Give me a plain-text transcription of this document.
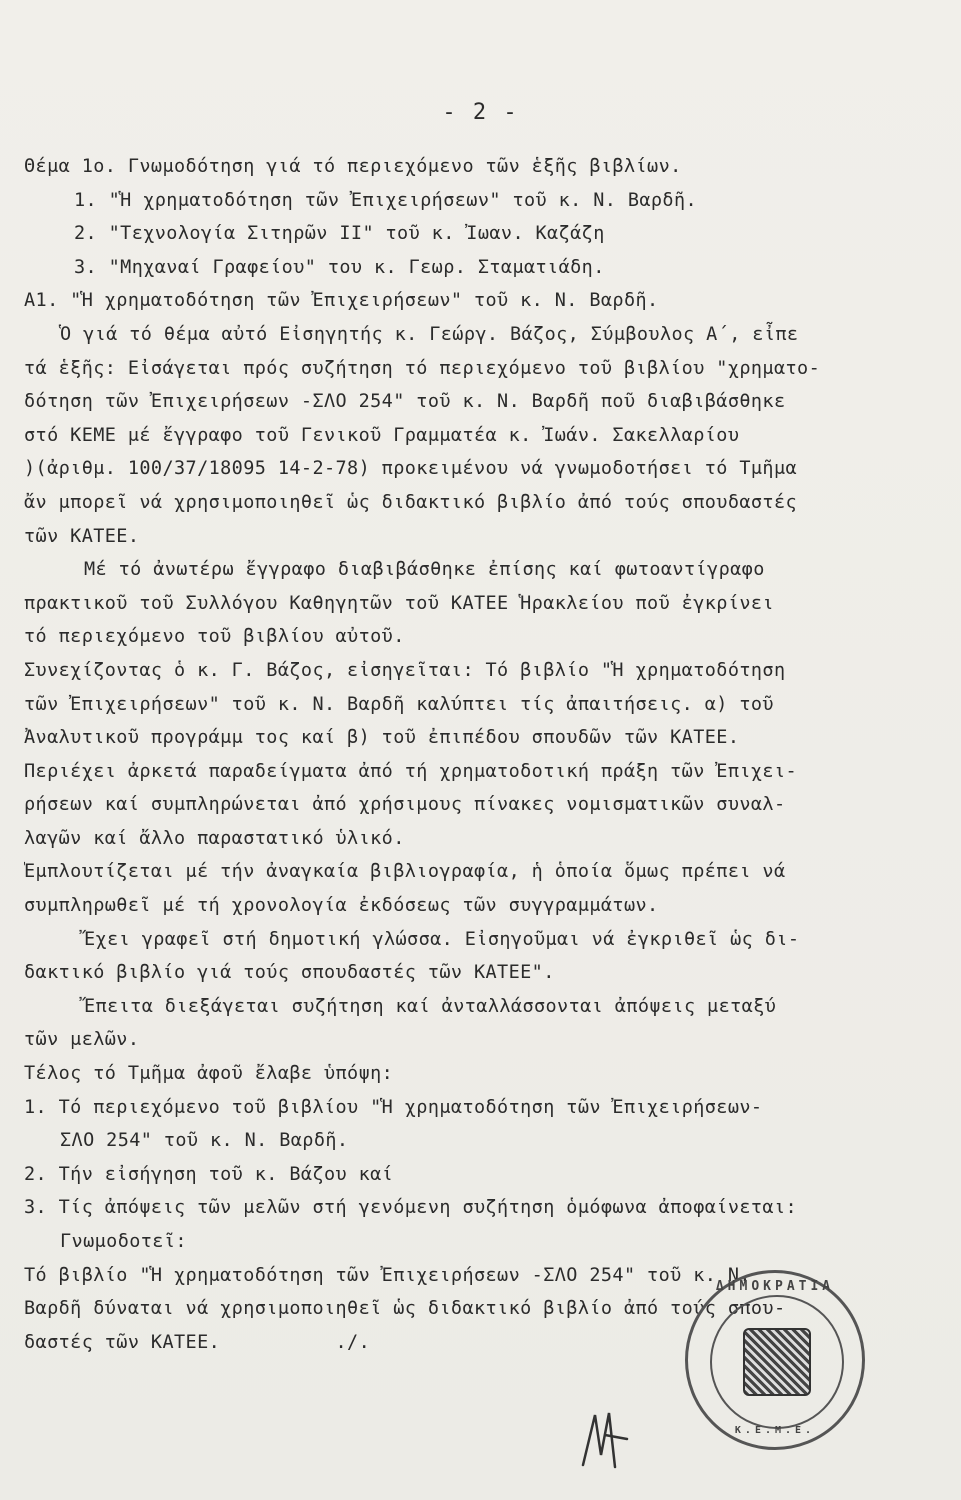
- 2 -
Θέμα 1ο. Γνωμοδότηση γιά τό περιεχόμενο τῶν ἑξῆς βιβλίων.
1. "Ἡ χρηματοδότηση τῶν Ἐπιχειρήσεων" τοῦ κ. Ν. Βαρδῆ.
2. "Τεχνολογία Σιτηρῶν ΙΙ" τοῦ κ. Ἰωαν. Καζάζη
3. "Μηχαναί Γραφείου" του κ. Γεωρ. Σταματιάδη.
Α1. "Ἡ χρηματοδότηση τῶν Ἐπιχειρήσεων" τοῦ κ. Ν. Βαρδῆ.
Ὁ γιά τό θέμα αὐτό Εἰσηγητής κ. Γεώργ. Βάζος, Σύμβουλος Α΄, εἶπε
τά ἑξῆς: Εἰσάγεται πρός συζήτηση τό περιεχόμενο τοῦ βιβλίου "χρηματο-
δότηση τῶν Ἐπιχειρήσεων -ΣΛΟ 254" τοῦ κ. Ν. Βαρδῆ ποῦ διαβιβάσθηκε
στό ΚΕΜΕ μέ ἔγγραφο τοῦ Γενικοῦ Γραμματέα κ. Ἰωάν. Σακελλαρίου
)(ἀριθμ. 100/37/18095 14-2-78) προκειμένου νά γνωμοδοτήσει τό Τμῆμα
ἄν μπορεῖ νά χρησιμοποιηθεῖ ὡς διδακτικό βιβλίο ἀπό τούς σπουδαστές
τῶν ΚΑΤΕΕ.
Μέ τό ἀνωτέρω ἔγγραφο διαβιβάσθηκε ἐπίσης καί φωτοαντίγραφο
πρακτικοῦ τοῦ Συλλόγου Καθηγητῶν τοῦ ΚΑΤΕΕ Ἡρακλείου ποῦ ἐγκρίνει
τό περιεχόμενο τοῦ βιβλίου αὐτοῦ.
Συνεχίζοντας ὁ κ. Γ. Βάζος, εἰσηγεῖται: Τό βιβλίο "Ἡ χρηματοδότηση
τῶν Ἐπιχειρήσεων" τοῦ κ. Ν. Βαρδῆ καλύπτει τίς ἀπαιτήσεις. α) τοῦ
Ἀναλυτικοῦ προγράμμ τος καί β) τοῦ ἐπιπέδου σπουδῶν τῶν ΚΑΤΕΕ.
Περιέχει ἀρκετά παραδείγματα ἀπό τή χρηματοδοτική πράξη τῶν Ἐπιχει-
ρήσεων καί συμπληρώνεται ἀπό χρήσιμους πίνακες νομισματικῶν συναλ-
λαγῶν καί ἄλλο παραστατικό ὑλικό.
Ἐμπλουτίζεται μέ τήν ἀναγκαία βιβλιογραφία, ἡ ὁποία ὅμως πρέπει νά
συμπληρωθεῖ μέ τή χρονολογία ἐκδόσεως τῶν συγγραμμάτων.
Ἔχει γραφεῖ στή δημοτική γλώσσα. Εἰσηγοῦμαι νά ἐγκριθεῖ ὡς δι-
δακτικό βιβλίο γιά τούς σπουδαστές τῶν ΚΑΤΕΕ".
Ἔπειτα διεξάγεται συζήτηση καί ἀνταλλάσσονται ἀπόψεις μεταξύ
τῶν μελῶν.
Τέλος τό Τμῆμα ἀφοῦ ἔλαβε ὑπόψη:
1. Τό περιεχόμενο τοῦ βιβλίου "Ἡ χρηματοδότηση τῶν Ἐπιχειρήσεων-
ΣΛΟ 254" τοῦ κ. Ν. Βαρδῆ.
2. Τήν εἰσήγηση τοῦ κ. Βάζου καί
3. Τίς ἀπόψεις τῶν μελῶν στή γενόμενη συζήτηση ὁμόφωνα ἀποφαίνεται:
Γνωμοδοτεῖ:
Τό βιβλίο "Ἡ χρηματοδότηση τῶν Ἐπιχειρήσεων -ΣΛΟ 254" τοῦ κ. Ν.
Βαρδῆ δύναται νά χρησιμοποιηθεῖ ὡς διδακτικό βιβλίο ἀπό τούς σπου-
δαστές τῶν ΚΑΤΕΕ.          ./.
ΔΗΜΟΚΡΑΤΙΑ
Κ.Ε.Μ.Ε.
